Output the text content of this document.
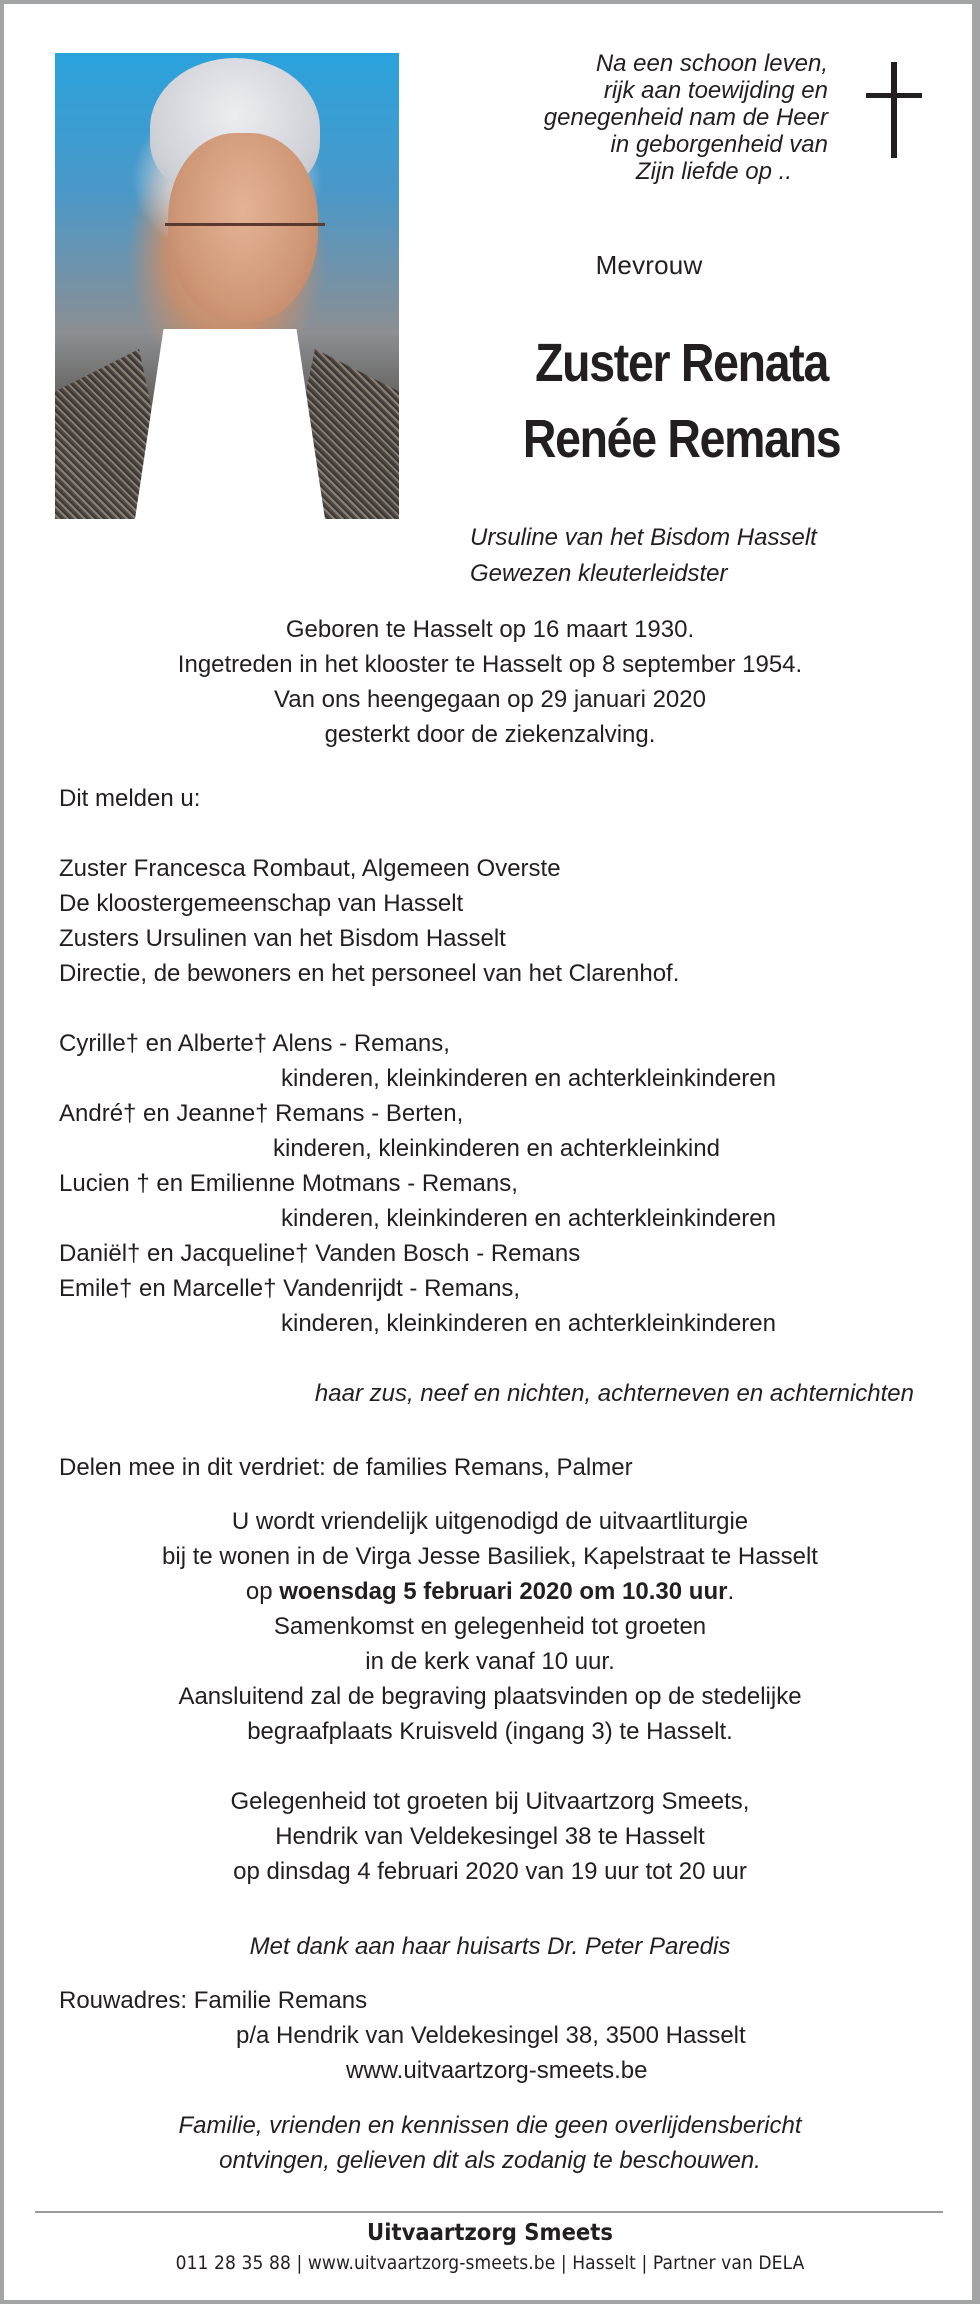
Na een schoon leven,
rijk aan toewijding en
genegenheid nam de Heer
in geborgenheid van
Zijn liefde op ..
Mevrouw
Zuster Renata
Renée Remans
Ursuline van het Bisdom Hasselt
Gewezen kleuterleidster
Geboren te Hasselt op 16 maart 1930.
Ingetreden in het klooster te Hasselt op 8 september 1954.
Van ons heengegaan op 29 januari 2020
gesterkt door de ziekenzalving.
Dit melden u:
Zuster Francesca Rombaut, Algemeen Overste
De kloostergemeenschap van Hasselt
Zusters Ursulinen van het Bisdom Hasselt
Directie, de bewoners en het personeel van het Clarenhof.
Cyrille† en Alberte† Alens - Remans,
kinderen, kleinkinderen en achterkleinkinderen
André† en Jeanne† Remans - Berten,
kinderen, kleinkinderen en achterkleinkind
Lucien † en Emilienne Motmans - Remans,
kinderen, kleinkinderen en achterkleinkinderen
Daniël† en Jacqueline† Vanden Bosch - Remans
Emile† en Marcelle† Vandenrijdt - Remans,
kinderen, kleinkinderen en achterkleinkinderen
haar zus, neef en nichten, achterneven en achternichten
Delen mee in dit verdriet: de families Remans, Palmer
U wordt vriendelijk uitgenodigd de uitvaartliturgie
bij te wonen in de Virga Jesse Basiliek, Kapelstraat te Hasselt
op woensdag 5 februari 2020 om 10.30 uur.
Samenkomst en gelegenheid tot groeten
in de kerk vanaf 10 uur.
Aansluitend zal de begraving plaatsvinden op de stedelijke
begraafplaats Kruisveld (ingang 3) te Hasselt.
Gelegenheid tot groeten bij Uitvaartzorg Smeets,
Hendrik van Veldekesingel 38 te Hasselt
op dinsdag 4 februari 2020 van 19 uur tot 20 uur
Met dank aan haar huisarts Dr. Peter Paredis
Rouwadres: Familie Remans
p/a Hendrik van Veldekesingel 38, 3500 Hasselt
www.uitvaartzorg-smeets.be
Familie, vrienden en kennissen die geen overlijdensbericht
ontvingen, gelieven dit als zodanig te beschouwen.
Uitvaartzorg Smeets
011 28 35 88 | www.uitvaartzorg-smeets.be | Hasselt | Partner van DELA
